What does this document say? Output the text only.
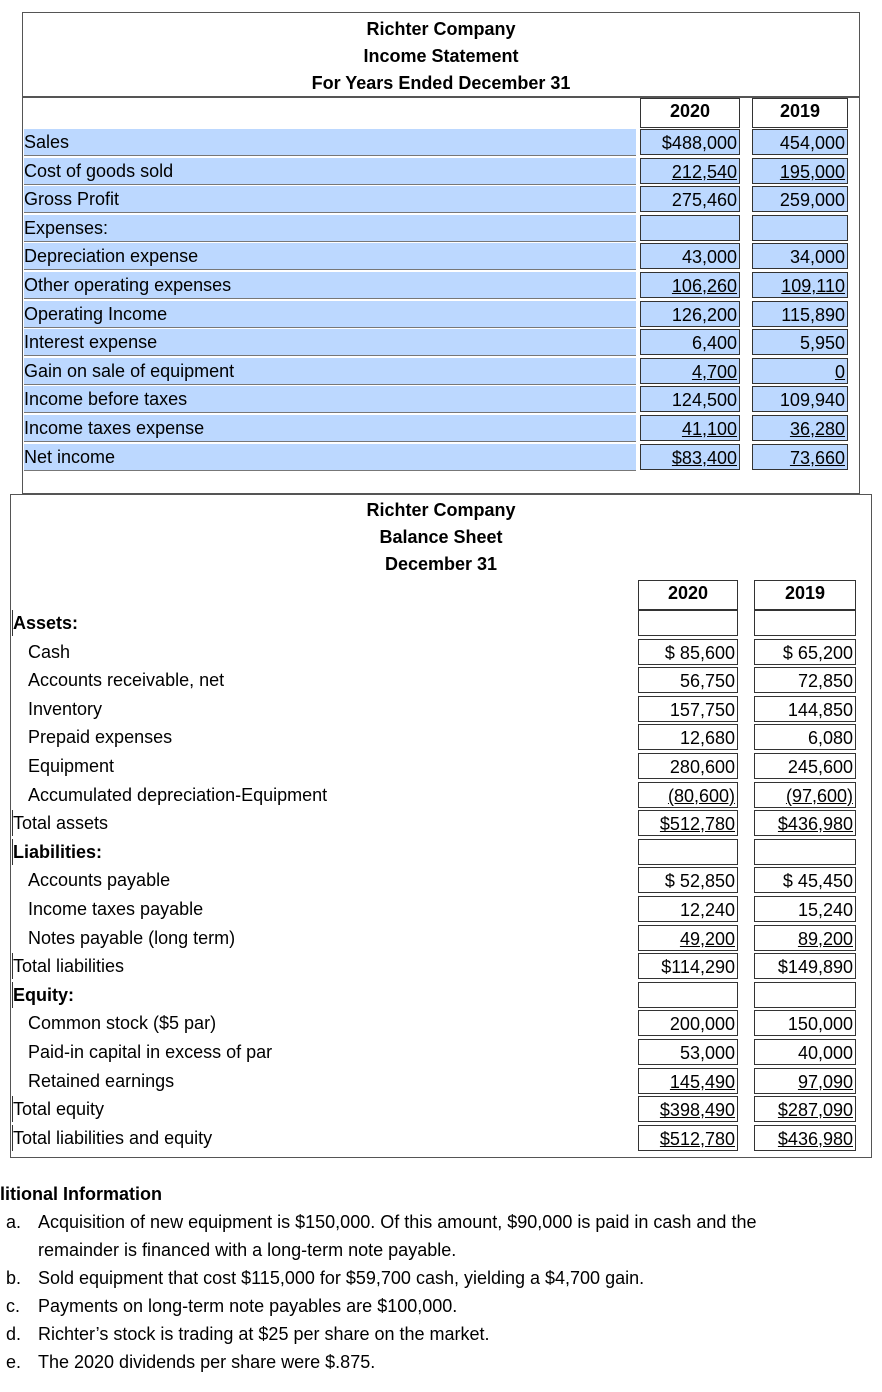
Richter Company
Income Statement
For Years Ended December 31
2020	2019
Sales	$488,000	454,000
Cost of goods sold	212,540	195,000
Gross Profit	275,460	259,000
Expenses:
Depreciation expense	43,000	34,000
Other operating expenses	106,260	109,110
Operating Income	126,200	115,890
Interest expense	6,400	5,950
Gain on sale of equipment	4,700	0
Income before taxes	124,500	109,940
Income taxes expense	41,100	36,280
Net income	$83,400	73,660
Richter Company
Balance Sheet
December 31
2020	2019
Assets:
Cash	$ 85,600	$ 65,200
Accounts receivable, net	56,750	72,850
Inventory	157,750	144,850
Prepaid expenses	12,680	6,080
Equipment	280,600	245,600
Accumulated depreciation-Equipment	(80,600)	(97,600)
Total assets	$512,780	$436,980
Liabilities:
Accounts payable	$ 52,850	$ 45,450
Income taxes payable	12,240	15,240
Notes payable (long term)	49,200	89,200
Total liabilities	$114,290	$149,890
Equity:
Common stock ($5 par)	200,000	150,000
Paid-in capital in excess of par	53,000	40,000
Retained earnings	145,490	97,090
Total equity	$398,490	$287,090
Total liabilities and equity	$512,780	$436,980
litional Information
a. Acquisition of new equipment is $150,000. Of this amount, $90,000 is paid in cash and the
remainder is financed with a long-term note payable.
b. Sold equipment that cost $115,000 for $59,700 cash, yielding a $4,700 gain.
c. Payments on long-term note payables are $100,000.
d. Richter’s stock is trading at $25 per share on the market.
e. The 2020 dividends per share were $.875.
